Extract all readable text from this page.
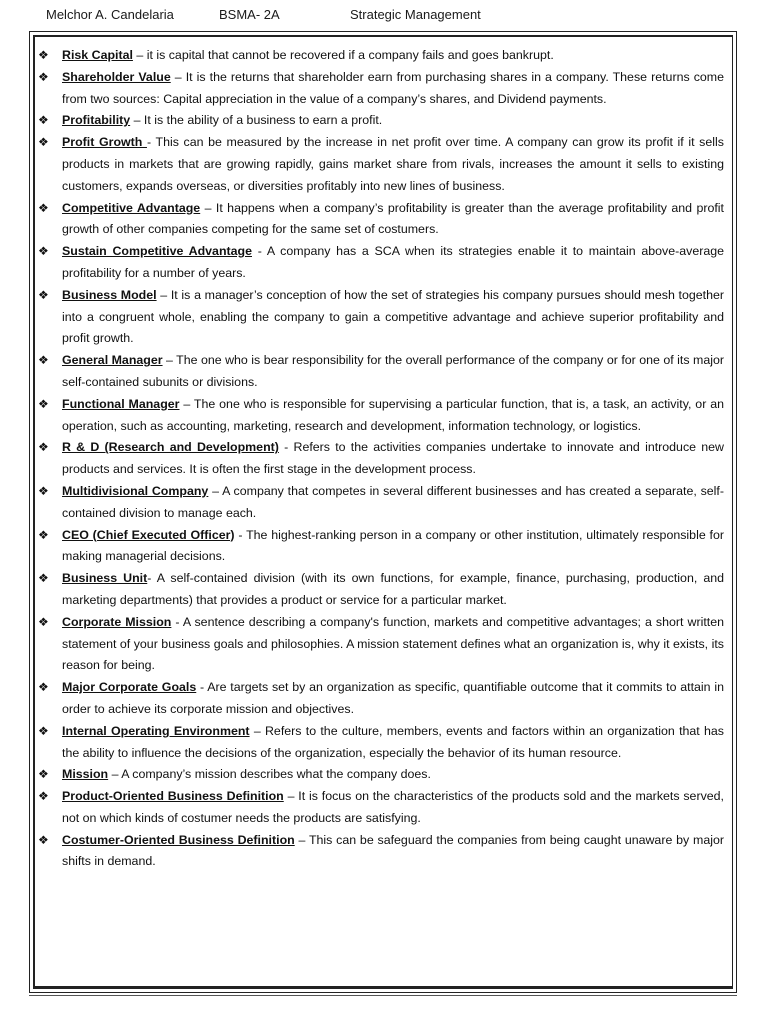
Melchor A. Candelaria	BSMA- 2A	Strategic Management
❖ Risk Capital – it is capital that cannot be recovered if a company fails and goes bankrupt.
❖ Shareholder Value – It is the returns that shareholder earn from purchasing shares in a company. These returns come from two sources: Capital appreciation in the value of a company’s shares, and Dividend payments.
❖ Profitability – It is the ability of a business to earn a profit.
❖ Profit Growth - This can be measured by the increase in net profit over time. A company can grow its profit if it sells products in markets that are growing rapidly, gains market share from rivals, increases the amount it sells to existing customers, expands overseas, or diversities profitably into new lines of business.
❖ Competitive Advantage – It happens when a company’s profitability is greater than the average profitability and profit growth of other companies competing for the same set of costumers.
❖ Sustain Competitive Advantage - A company has a SCA when its strategies enable it to maintain above-average profitability for a number of years.
❖ Business Model – It is a manager’s conception of how the set of strategies his company pursues should mesh together into a congruent whole, enabling the company to gain a competitive advantage and achieve superior profitability and profit growth.
❖ General Manager – The one who is bear responsibility for the overall performance of the company or for one of its major self-contained subunits or divisions.
❖ Functional Manager – The one who is responsible for supervising a particular function, that is, a task, an activity, or an operation, such as accounting, marketing, research and development, information technology, or logistics.
❖ R & D (Research and Development) - Refers to the activities companies undertake to innovate and introduce new products and services. It is often the first stage in the development process.
❖ Multidivisional Company – A company that competes in several different businesses and has created a separate, self-contained division to manage each.
❖ CEO (Chief Executed Officer) - The highest-ranking person in a company or other institution, ultimately responsible for making managerial decisions.
❖ Business Unit- A self-contained division (with its own functions, for example, finance, purchasing, production, and marketing departments) that provides a product or service for a particular market.
❖ Corporate Mission - A sentence describing a company's function, markets and competitive advantages; a short written statement of your business goals and philosophies. A mission statement defines what an organization is, why it exists, its reason for being.
❖ Major Corporate Goals - Are targets set by an organization as specific, quantifiable outcome that it commits to attain in order to achieve its corporate mission and objectives.
❖ Internal Operating Environment – Refers to the culture, members, events and factors within an organization that has the ability to influence the decisions of the organization, especially the behavior of its human resource.
❖ Mission – A company’s mission describes what the company does.
❖ Product-Oriented Business Definition – It is focus on the characteristics of the products sold and the markets served, not on which kinds of costumer needs the products are satisfying.
❖ Costumer-Oriented Business Definition – This can be safeguard the companies from being caught unaware by major shifts in demand.
